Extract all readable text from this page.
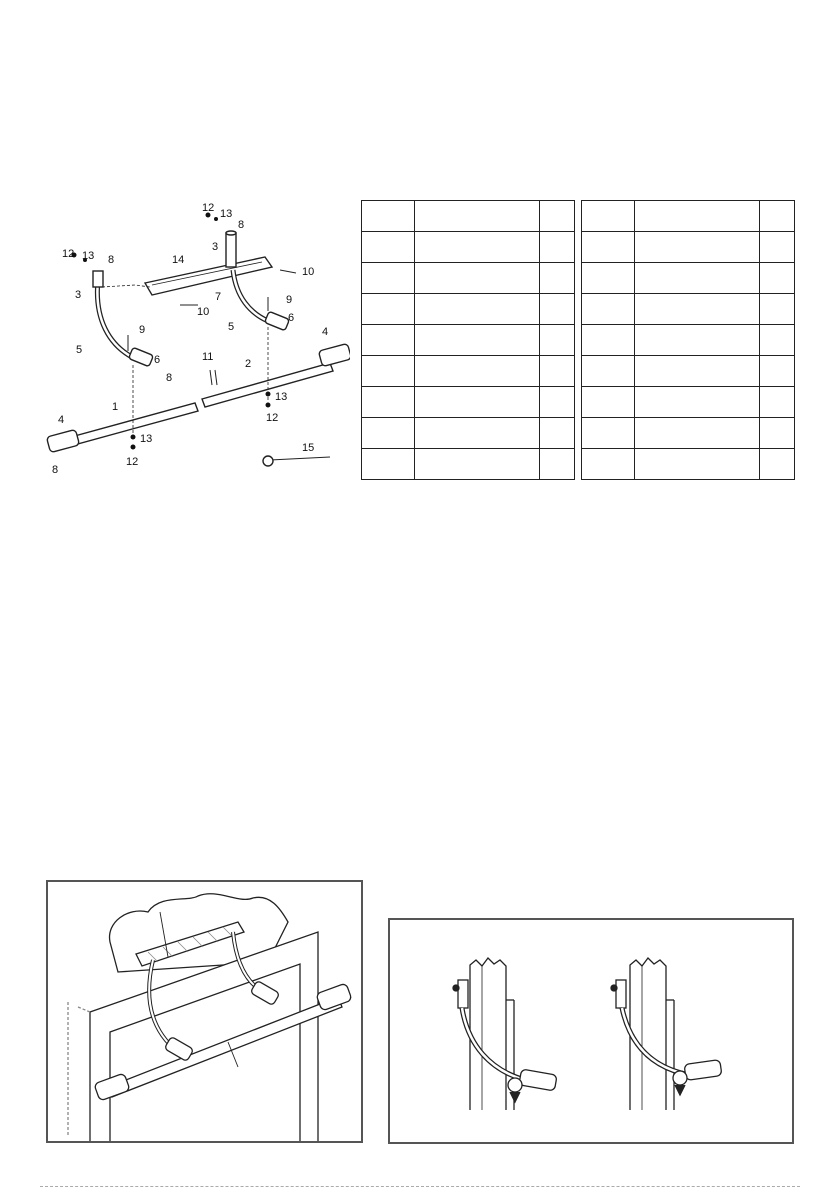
1
2
3
3
4
4
5
5
6
6
7
8
8
8
8
9
9
10
10
11
12
12
12
12
13
13
13
13
14
15
